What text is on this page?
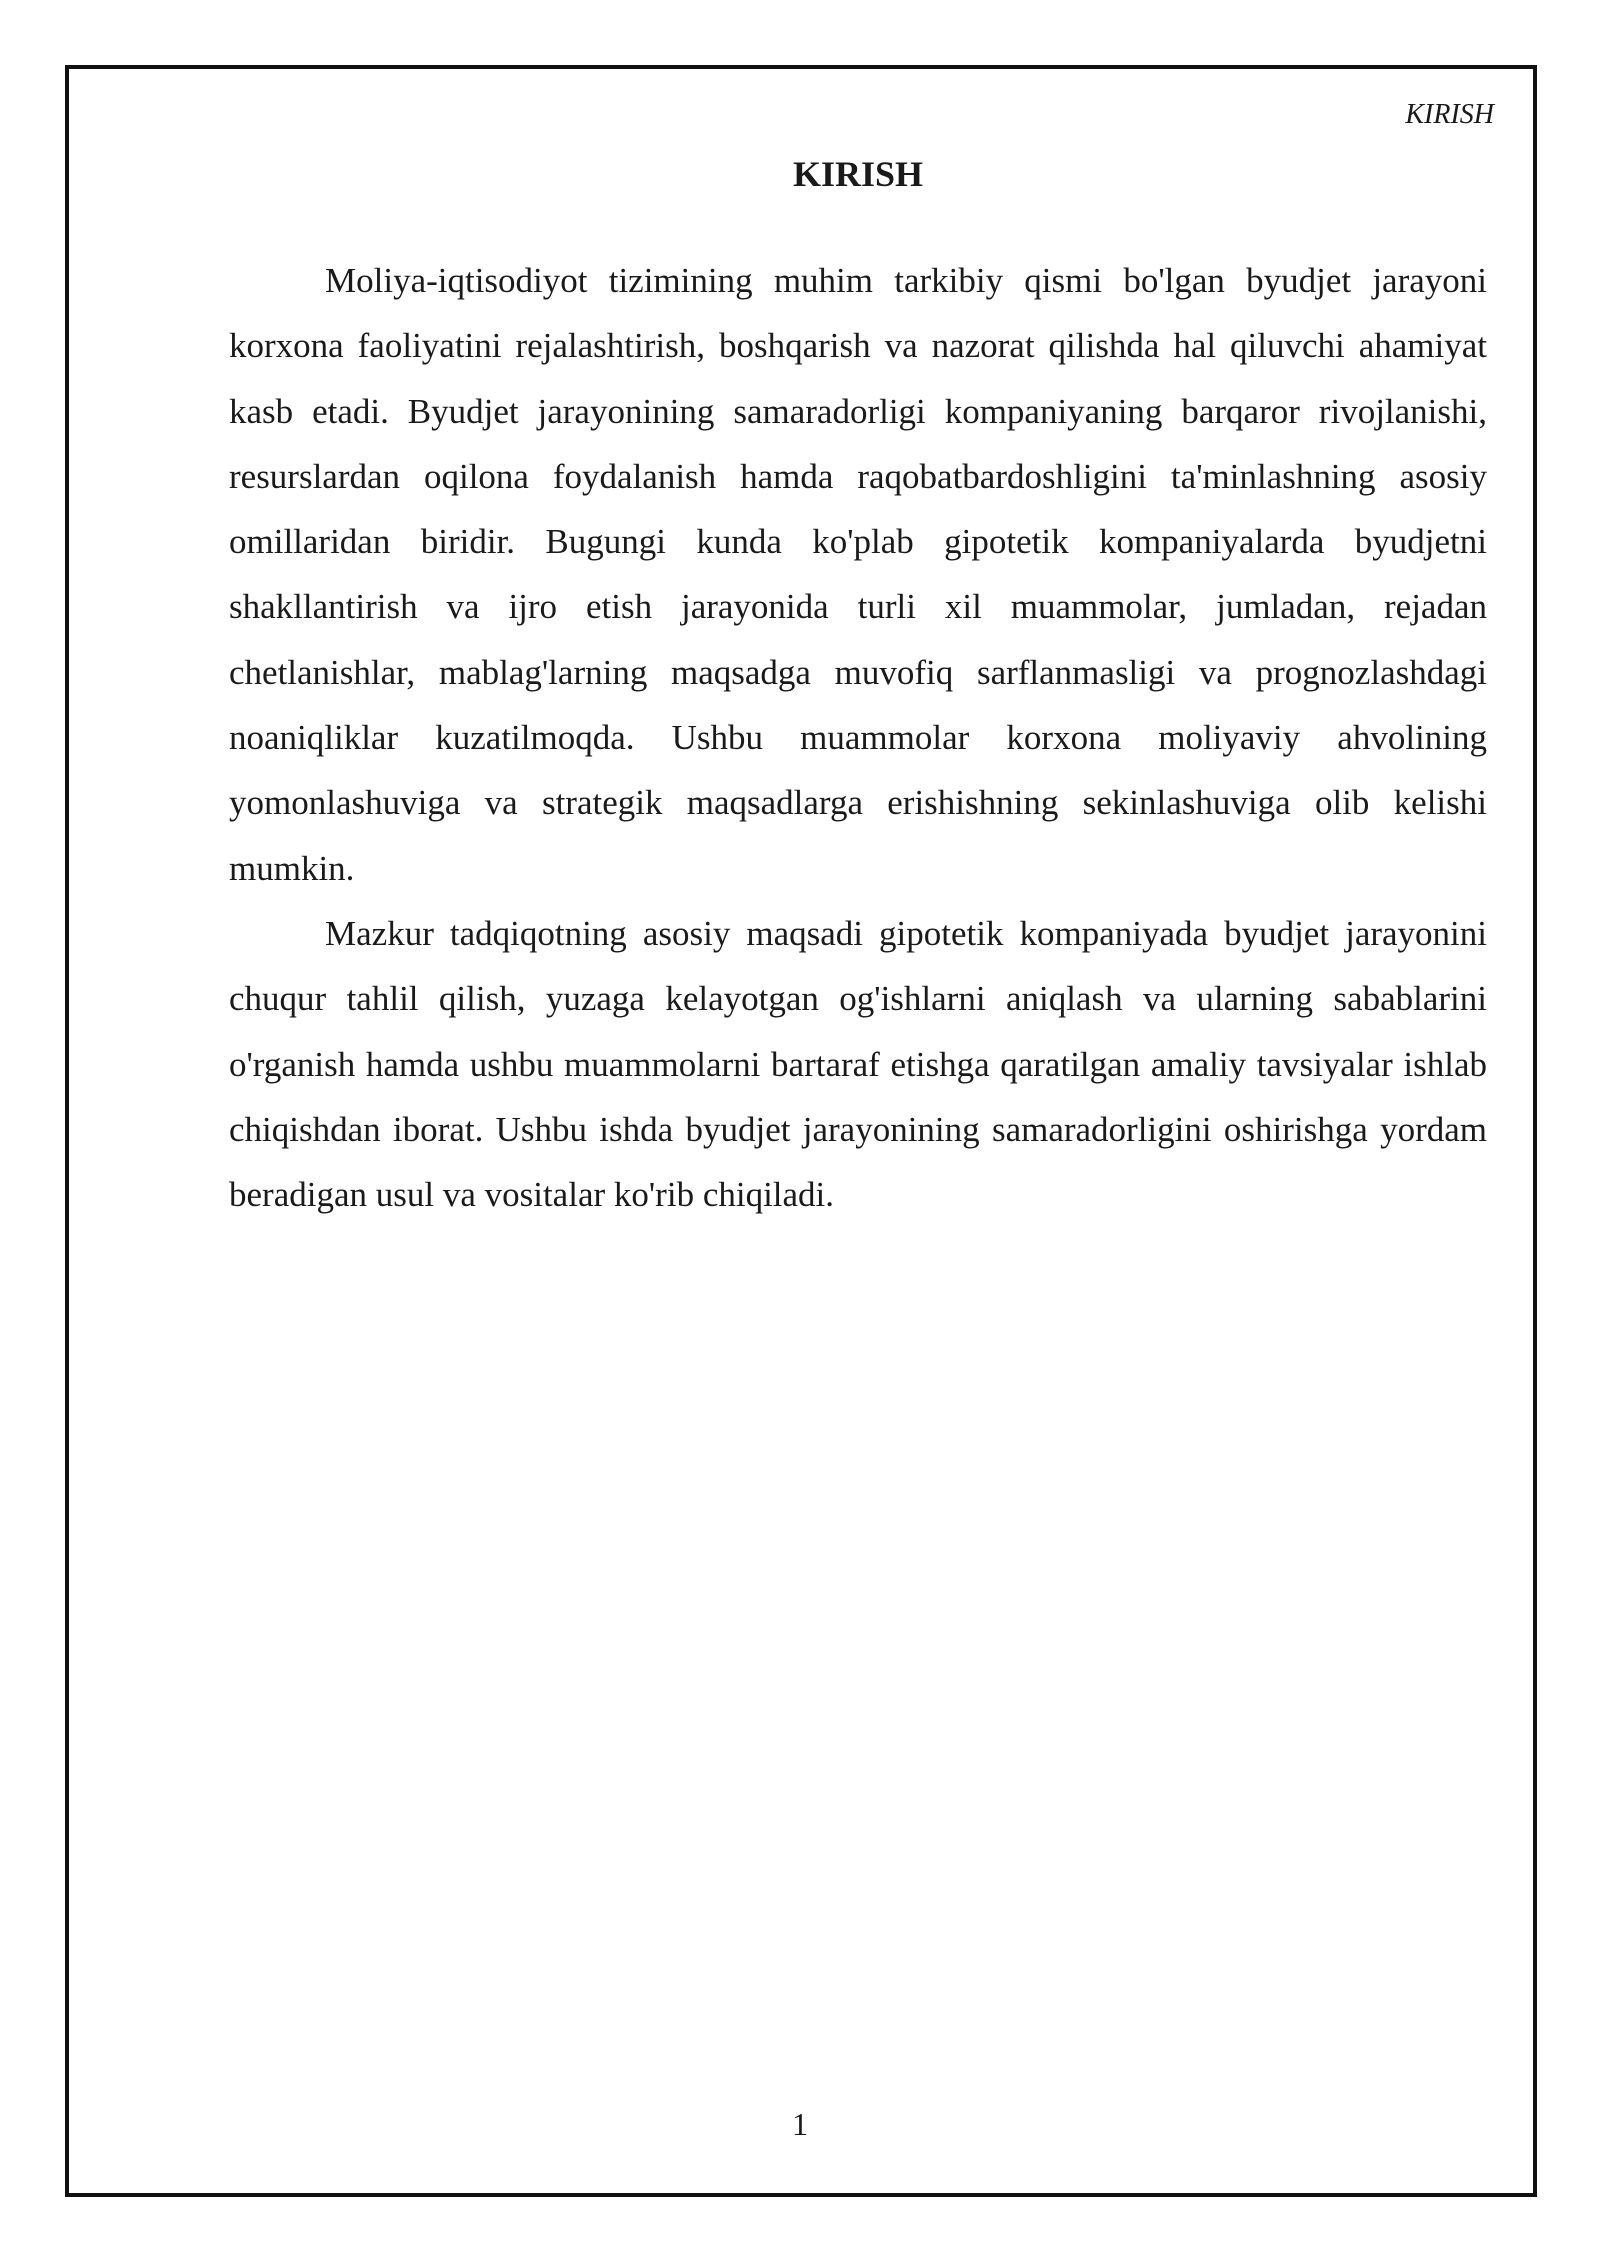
KIRISH
KIRISH

Moliya-iqtisodiyot tizimining muhim tarkibiy qismi bo'lgan byudjet jarayoni korxona faoliyatini rejalashtirish, boshqarish va nazorat qilishda hal qiluvchi ahamiyat kasb etadi. Byudjet jarayonining samaradorligi kompaniyaning barqaror rivojlanishi, resurslardan oqilona foydalanish hamda raqobatbardoshligini ta'minlashning asosiy omillaridan biridir. Bugungi kunda ko'plab gipotetik kompaniyalarda byudjetni shakllantirish va ijro etish jarayonida turli xil muammolar, jumladan, rejadan chetlanishlar, mablag'larning maqsadga muvofiq sarflanmasligi va prognozlashdagi noaniqliklar kuzatilmoqda. Ushbu muammolar korxona moliyaviy ahvolining yomonlashuviga va strategik maqsadlarga erishishning sekinlashuviga olib kelishi mumkin.

Mazkur tadqiqotning asosiy maqsadi gipotetik kompaniyada byudjet jarayonini chuqur tahlil qilish, yuzaga kelayotgan og'ishlarni aniqlash va ularning sabablarini o'rganish hamda ushbu muammolarni bartaraf etishga qaratilgan amaliy tavsiyalar ishlab chiqishdan iborat. Ushbu ishda byudjet jarayonining samaradorligini oshirishga yordam beradigan usul va vositalar ko'rib chiqiladi.

1
